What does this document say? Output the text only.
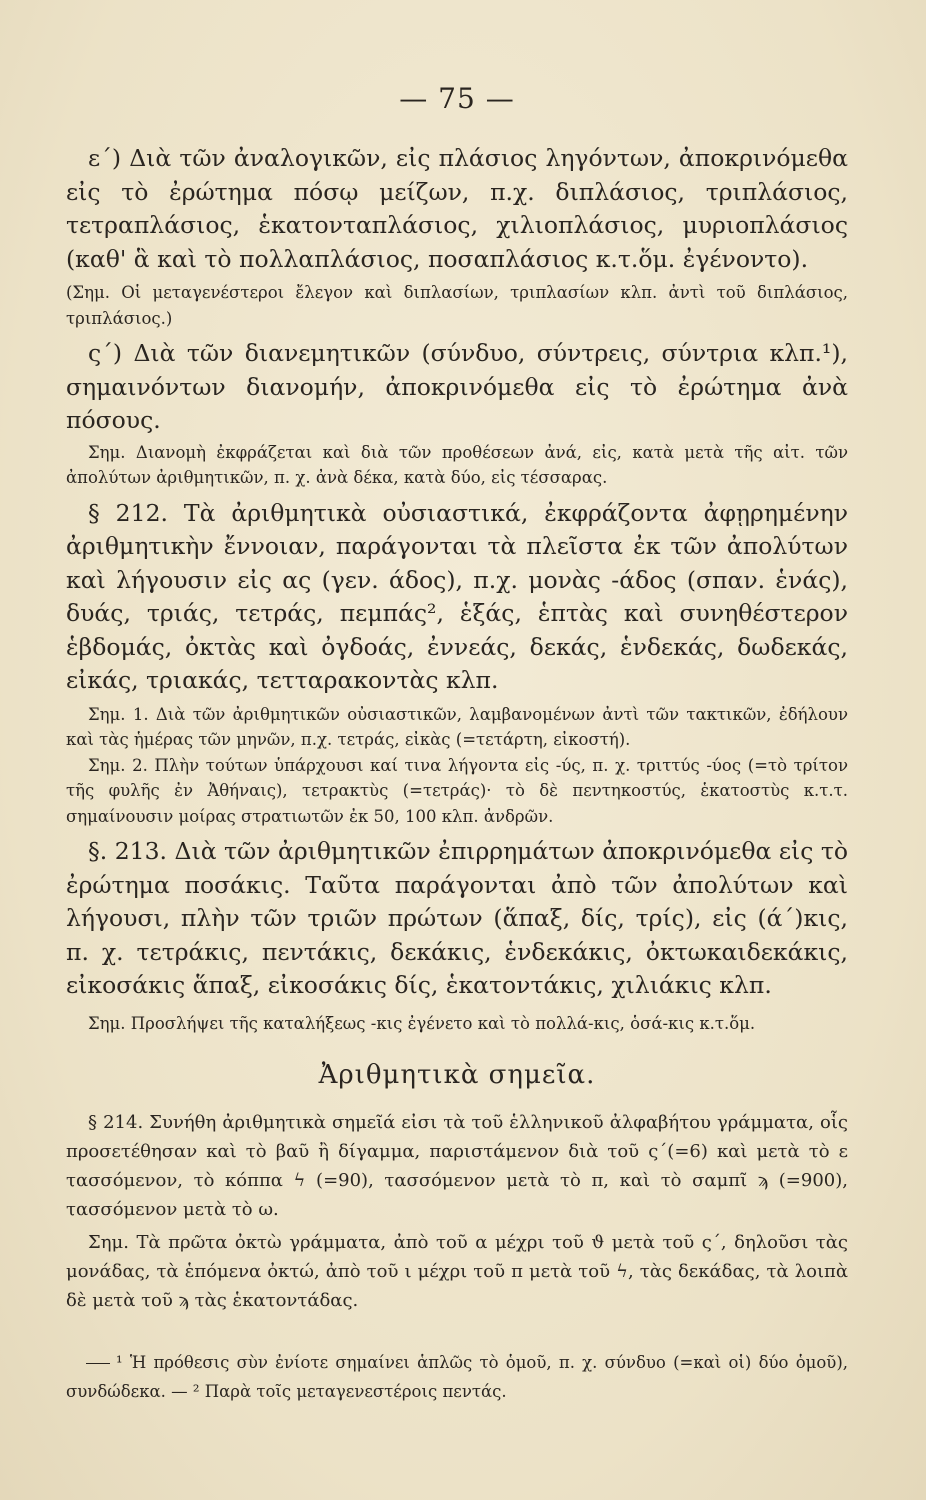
— 75 —

ε΄) Διὰ τῶν ἀναλογικῶν, εἰς πλάσιος ληγόντων, ἀποκρινόμεθα εἰς τὸ ἐρώτημα πόσῳ μείζων, π.χ. διπλάσιος, τριπλάσιος, τετραπλάσιος, ἑκατονταπλάσιος, χιλιοπλάσιος, μυριοπλάσιος (καθ' ἃ καὶ τὸ πολλαπλάσιος, ποσαπλάσιος κ.τ.ὅμ. ἐγένοντο).

(Σημ. Οἱ μεταγενέστεροι ἔλεγον καὶ διπλασίων, τριπλασίων κλπ. ἀντὶ τοῦ διπλάσιος, τριπλάσιος.)

ς΄) Διὰ τῶν διανεμητικῶν (σύνδυο, σύντρεις, σύντρια κλπ.¹), σημαινόντων διανομήν, ἀποκρινόμεθα εἰς τὸ ἐρώτημα ἀνὰ πόσους.

Σημ. Διανομὴ ἐκφράζεται καὶ διὰ τῶν προθέσεων ἀνά, εἰς, κατὰ μετὰ τῆς αἰτ. τῶν ἀπολύτων ἀριθμητικῶν, π. χ. ἀνὰ δέκα, κατὰ δύο, εἰς τέσσαρας.

§ 212. Τὰ ἀριθμητικὰ οὐσιαστικά, ἐκφράζοντα ἀφῃρημένην ἀριθμητικὴν ἔννοιαν, παράγονται τὰ πλεῖστα ἐκ τῶν ἀπολύτων καὶ λήγουσιν εἰς ας (γεν. άδος), π.χ. μονὰς -άδος (σπαν. ἑνάς), δυάς, τριάς, τετράς, πεμπάς², ἑξάς, ἑπτὰς καὶ συνηθέστερον ἑβδομάς, ὀκτὰς καὶ ὀγδοάς, ἐννεάς, δεκάς, ἑνδεκάς, δωδεκάς, εἰκάς, τριακάς, τετταρακοντὰς κλπ.

Σημ. 1. Διὰ τῶν ἀριθμητικῶν οὐσιαστικῶν, λαμβανομένων ἀντὶ τῶν τακτικῶν, ἐδήλουν καὶ τὰς ἡμέρας τῶν μηνῶν, π.χ. τετράς, εἰκὰς (=τετάρτη, εἰκοστή).

Σημ. 2. Πλὴν τούτων ὑπάρχουσι καί τινα λήγοντα εἰς -ύς, π. χ. τριττύς -ύος (=τὸ τρίτον τῆς φυλῆς ἐν Ἀθήναις), τετρακτὺς (=τετράς)· τὸ δὲ πεντηκοστύς, ἑκατοστὺς κ.τ.τ. σημαίνουσιν μοίρας στρατιωτῶν ἐκ 50, 100 κλπ. ἀνδρῶν.

§. 213. Διὰ τῶν ἀριθμητικῶν ἐπιρρημάτων ἀποκρινόμεθα εἰς τὸ ἐρώτημα ποσάκις. Ταῦτα παράγονται ἀπὸ τῶν ἀπολύτων καὶ λήγουσι, πλὴν τῶν τριῶν πρώτων (ἅπαξ, δίς, τρίς), εἰς (ά΄)κις, π. χ. τετράκις, πεντάκις, δεκάκις, ἑνδεκάκις, ὀκτωκαιδεκάκις, εἰκοσάκις ἅπαξ, εἰκοσάκις δίς, ἑκατοντάκις, χιλιάκις κλπ.

Σημ. Προσλήψει τῆς καταλήξεως -κις ἐγένετο καὶ τὸ πολλά-κις, ὁσά-κις κ.τ.ὅμ.

Ἀριθμητικὰ σημεῖα.

§ 214. Συνήθη ἀριθμητικὰ σημεῖά εἰσι τὰ τοῦ ἑλληνικοῦ ἀλφαβήτου γράμματα, οἷς προσετέθησαν καὶ τὸ βαῦ ἢ δίγαμμα, παριστάμενον διὰ τοῦ ς΄(=6) καὶ μετὰ τὸ ε τασσόμενον, τὸ κόππα ϟ (=90), τασσόμενον μετὰ τὸ π, καὶ τὸ σαμπῖ ϡ (=900), τασσόμενον μετὰ τὸ ω.

Σημ. Τὰ πρῶτα ὀκτὼ γράμματα, ἀπὸ τοῦ α μέχρι τοῦ ϑ μετὰ τοῦ ς΄, δηλοῦσι τὰς μονάδας, τὰ ἑπόμενα ὀκτώ, ἀπὸ τοῦ ι μέχρι τοῦ π μετὰ τοῦ ϟ, τὰς δεκάδας, τὰ λοιπὰ δὲ μετὰ τοῦ ϡ τὰς ἑκατοντάδας.

¹ Ἡ πρόθεσις σὺν ἐνίοτε σημαίνει ἁπλῶς τὸ ὁμοῦ, π. χ. σύνδυο (=καὶ οἱ) δύο ὁμοῦ), συνδώδεκα. — ² Παρὰ τοῖς μεταγενεστέροις πεντάς.
